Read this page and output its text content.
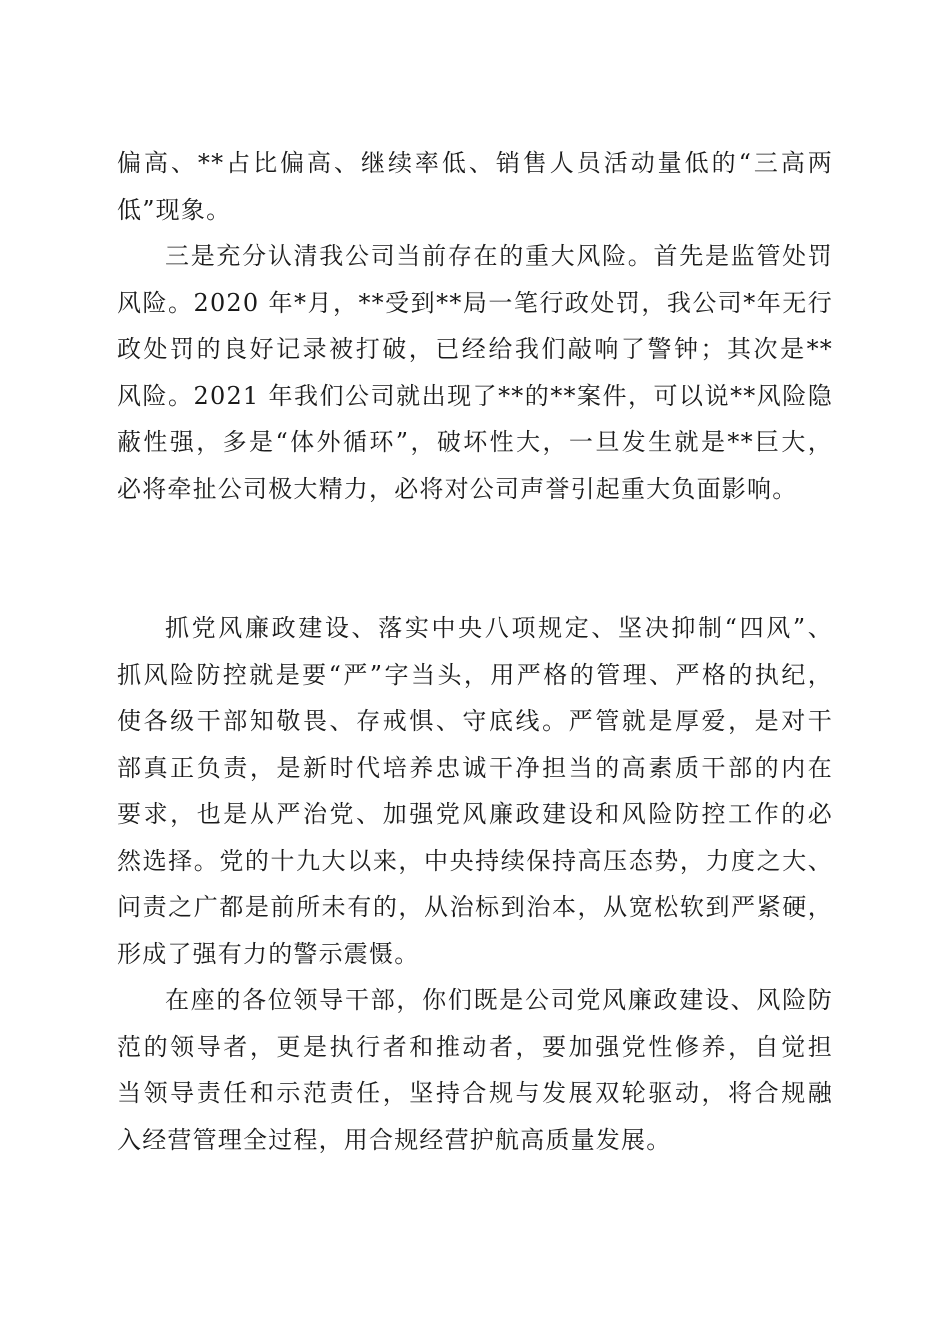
偏高、**占比偏高、继续率低、销售人员活动量低的“三高两
低”现象。
三是充分认清我公司当前存在的重大风险。首先是监管处罚
风险。2020 年*月，**受到**局一笔行政处罚，我公司*年无行
政处罚的良好记录被打破，已经给我们敲响了警钟；其次是**
风险。2021 年我们公司就出现了**的**案件，可以说**风险隐
蔽性强，多是“体外循环”，破坏性大，一旦发生就是**巨大，
必将牵扯公司极大精力，必将对公司声誉引起重大负面影响。
抓党风廉政建设、落实中央八项规定、坚决抑制“四风”、
抓风险防控就是要“严”字当头，用严格的管理、严格的执纪，
使各级干部知敬畏、存戒惧、守底线。严管就是厚爱，是对干
部真正负责，是新时代培养忠诚干净担当的高素质干部的内在
要求，也是从严治党、加强党风廉政建设和风险防控工作的必
然选择。党的十九大以来，中央持续保持高压态势，力度之大、
问责之广都是前所未有的，从治标到治本，从宽松软到严紧硬，
形成了强有力的警示震慑。
在座的各位领导干部，你们既是公司党风廉政建设、风险防
范的领导者，更是执行者和推动者，要加强党性修养，自觉担
当领导责任和示范责任，坚持合规与发展双轮驱动，将合规融
入经营管理全过程，用合规经营护航高质量发展。
